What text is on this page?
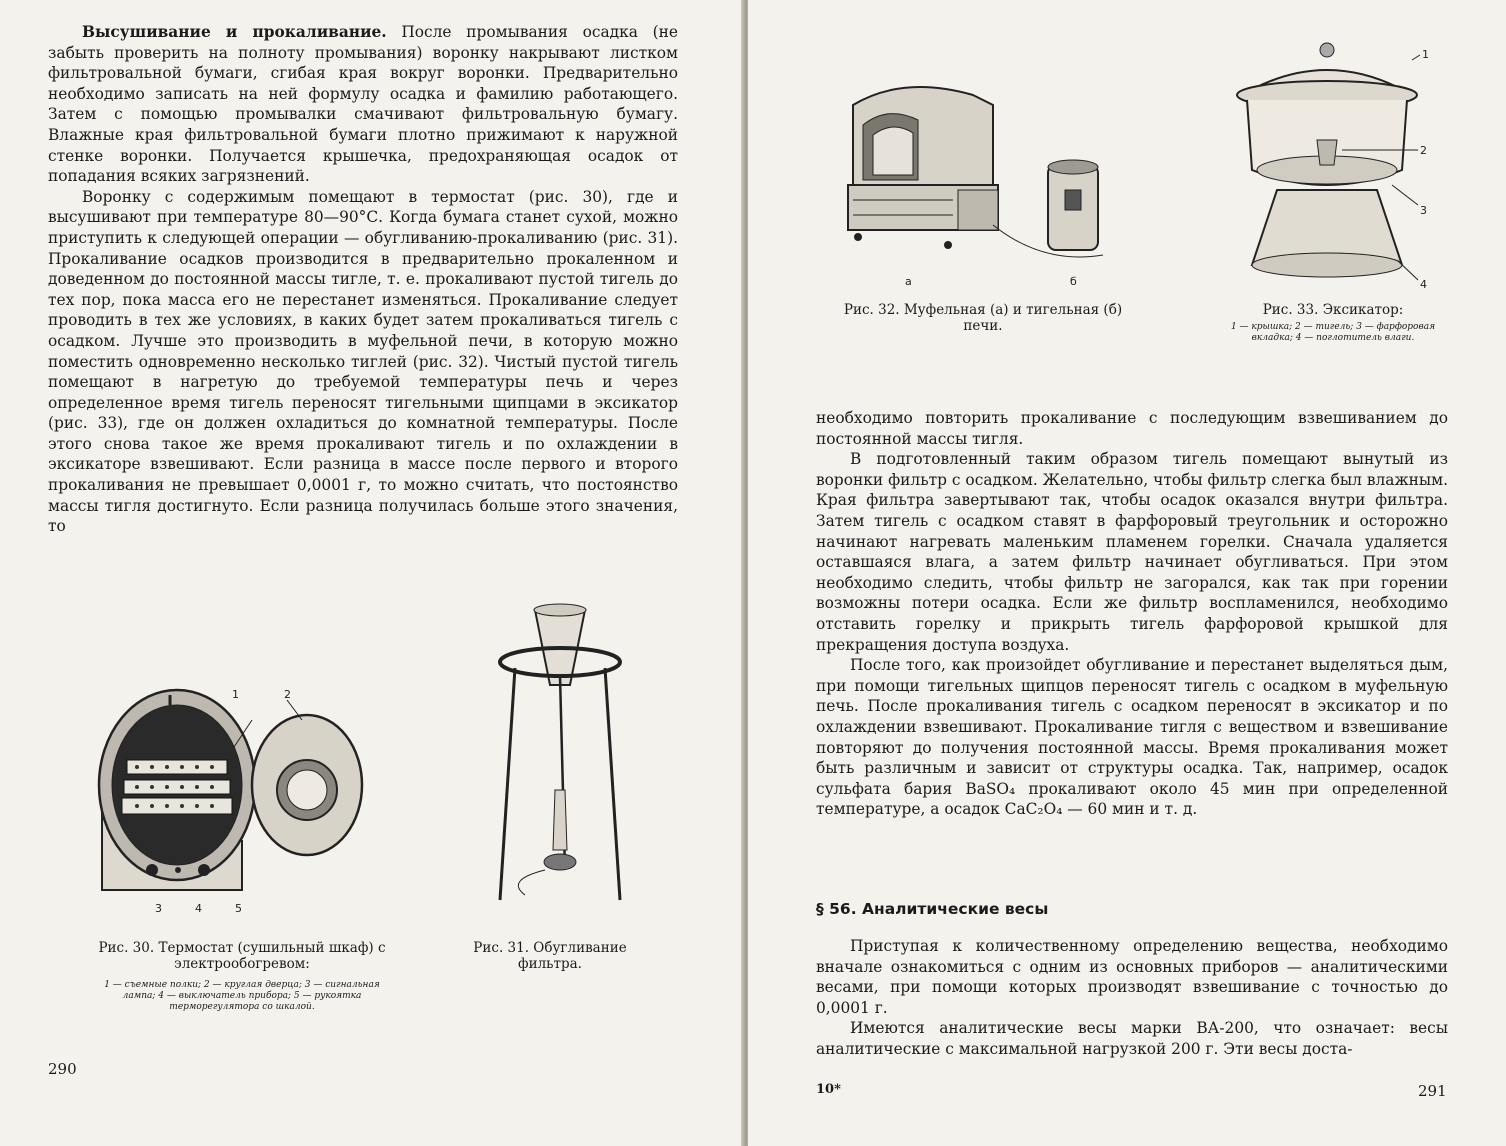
Высушивание и прокаливание. После промывания осадка (не забыть проверить на полноту промывания) воронку накрывают листком фильтровальной бумаги, сгибая края вокруг воронки. Предварительно необходимо записать на ней формулу осадка и фамилию работающего. Затем с помощью промывалки смачивают фильтровальную бумагу. Влажные края фильтровальной бумаги плотно прижимают к наружной стенке воронки. Получается крышечка, предохраняющая осадок от попадания всяких загрязнений.

Воронку с содержимым помещают в термостат (рис. 30), где и высушивают при температуре 80—90°С. Когда бумага станет сухой, можно приступить к следующей операции — обугливанию-прокаливанию (рис. 31). Прокаливание осадков производится в предварительно прокаленном и доведенном до постоянной массы тигле, т. е. прокаливают пустой тигель до тех пор, пока масса его не перестанет изменяться. Прокаливание следует проводить в тех же условиях, в каких будет затем прокаливаться тигель с осадком. Лучше это производить в муфельной печи, в которую можно поместить одновременно несколько тиглей (рис. 32). Чистый пустой тигель помещают в нагретую до требуемой температуры печь и через определенное время тигель переносят тигельными щипцами в эксикатор (рис. 33), где он должен охладиться до комнатной температуры. После этого снова такое же время прокаливают тигель и по охлаждении в эксикаторе взвешивают. Если разница в массе после первого и второго прокаливания не превышает 0,0001 г, то можно считать, что постоянство массы тигля достигнуто. Если разница получилась больше этого значения, то

1	2
3	4	5
Рис. 30. Термостат (сушильный шкаф) с электрообогревом:
1 — съемные полки; 2 — круглая дверца; 3 — сигнальная лампа; 4 — выключатель прибора; 5 — рукоятка терморегулятора со шкалой.
Рис. 31. Обугливание фильтра.
290
а	б
Рис. 32. Муфельная (а) и тигельная (б) печи.
1
2
3
4
Рис. 33. Эксикатор:
1 — крышка; 2 — тигель; 3 — фарфоровая вкладка; 4 — поглотитель влаги.

необходимо повторить прокаливание с последующим взвешиванием до постоянной массы тигля.

В подготовленный таким образом тигель помещают вынутый из воронки фильтр с осадком. Желательно, чтобы фильтр слегка был влажным. Края фильтра завертывают так, чтобы осадок оказался внутри фильтра. Затем тигель с осадком ставят в фарфоровый треугольник и осторожно начинают нагревать маленьким пламенем горелки. Сначала удаляется оставшаяся влага, а затем фильтр начинает обугливаться. При этом необходимо следить, чтобы фильтр не загорался, как так при горении возможны потери осадка. Если же фильтр воспламенился, необходимо отставить горелку и прикрыть тигель фарфоровой крышкой для прекращения доступа воздуха.

После того, как произойдет обугливание и перестанет выделяться дым, при помощи тигельных щипцов переносят тигель с осадком в муфельную печь. После прокаливания тигель с осадком переносят в эксикатор и по охлаждении взвешивают. Прокаливание тигля с веществом и взвешивание повторяют до получения постоянной массы. Время прокаливания может быть различным и зависит от структуры осадка. Так, например, осадок сульфата бария BaSO₄ прокаливают около 45 мин при определенной температуре, а осадок CaC₂O₄ — 60 мин и т. д.

§ 56. Аналитические весы

Приступая к количественному определению вещества, необходимо вначале ознакомиться с одним из основных приборов — аналитическими весами, при помощи которых производят взвешивание с точностью до 0,0001 г.

Имеются аналитические весы марки ВА-200, что означает: весы аналитические с максимальной нагрузкой 200 г. Эти весы доста-

10*	291
